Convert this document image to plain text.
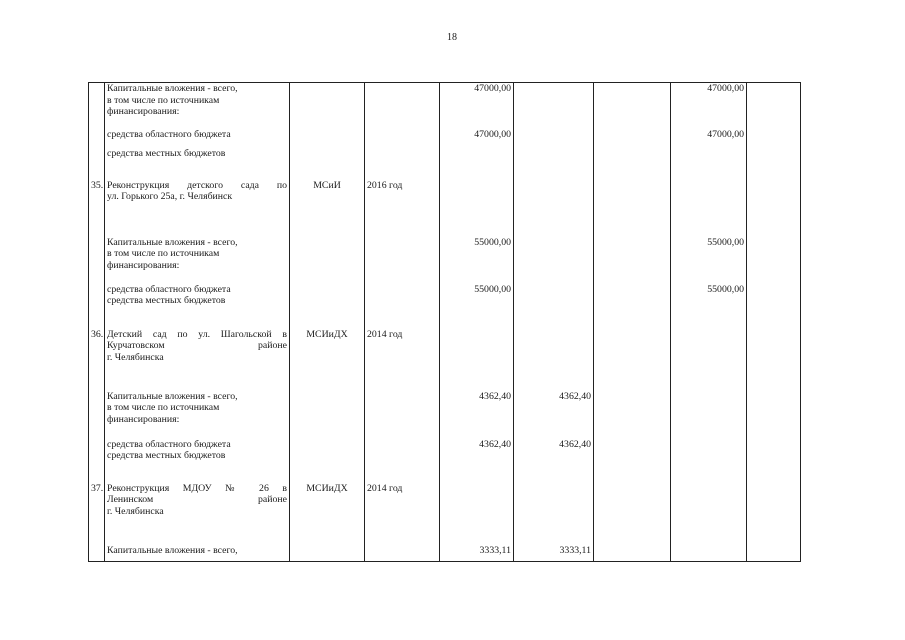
18

	Капитальные вложения - всего,
в том числе по источникам
финансирования:			47000,00			47000,00	

	средства областного бюджета			47000,00			47000,00	

	средства местных бюджетов							

35.	Реконструкция детского сада по
ул. Горького 25а, г. Челябинск	МСиИ	2016 год					

	Капитальные вложения - всего,
в том числе по источникам
финансирования:			55000,00			55000,00	

	средства областного бюджета
средства местных бюджетов			55000,00			55000,00	
36.	Детский сад по ул. Шагольской в
Курчатовском районе
г. Челябинска	МСИиДХ	2014 год					

	Капитальные вложения - всего,
в том числе по источникам
финансирования:			4362,40	4362,40			

	средства областного бюджета
средства местных бюджетов			4362,40	4362,40			
37.	Реконструкция МДОУ № 26 в
Ленинском районе
г. Челябинска	МСИиДХ	2014 год					

	Капитальные вложения - всего,			3333,11	3333,11			
